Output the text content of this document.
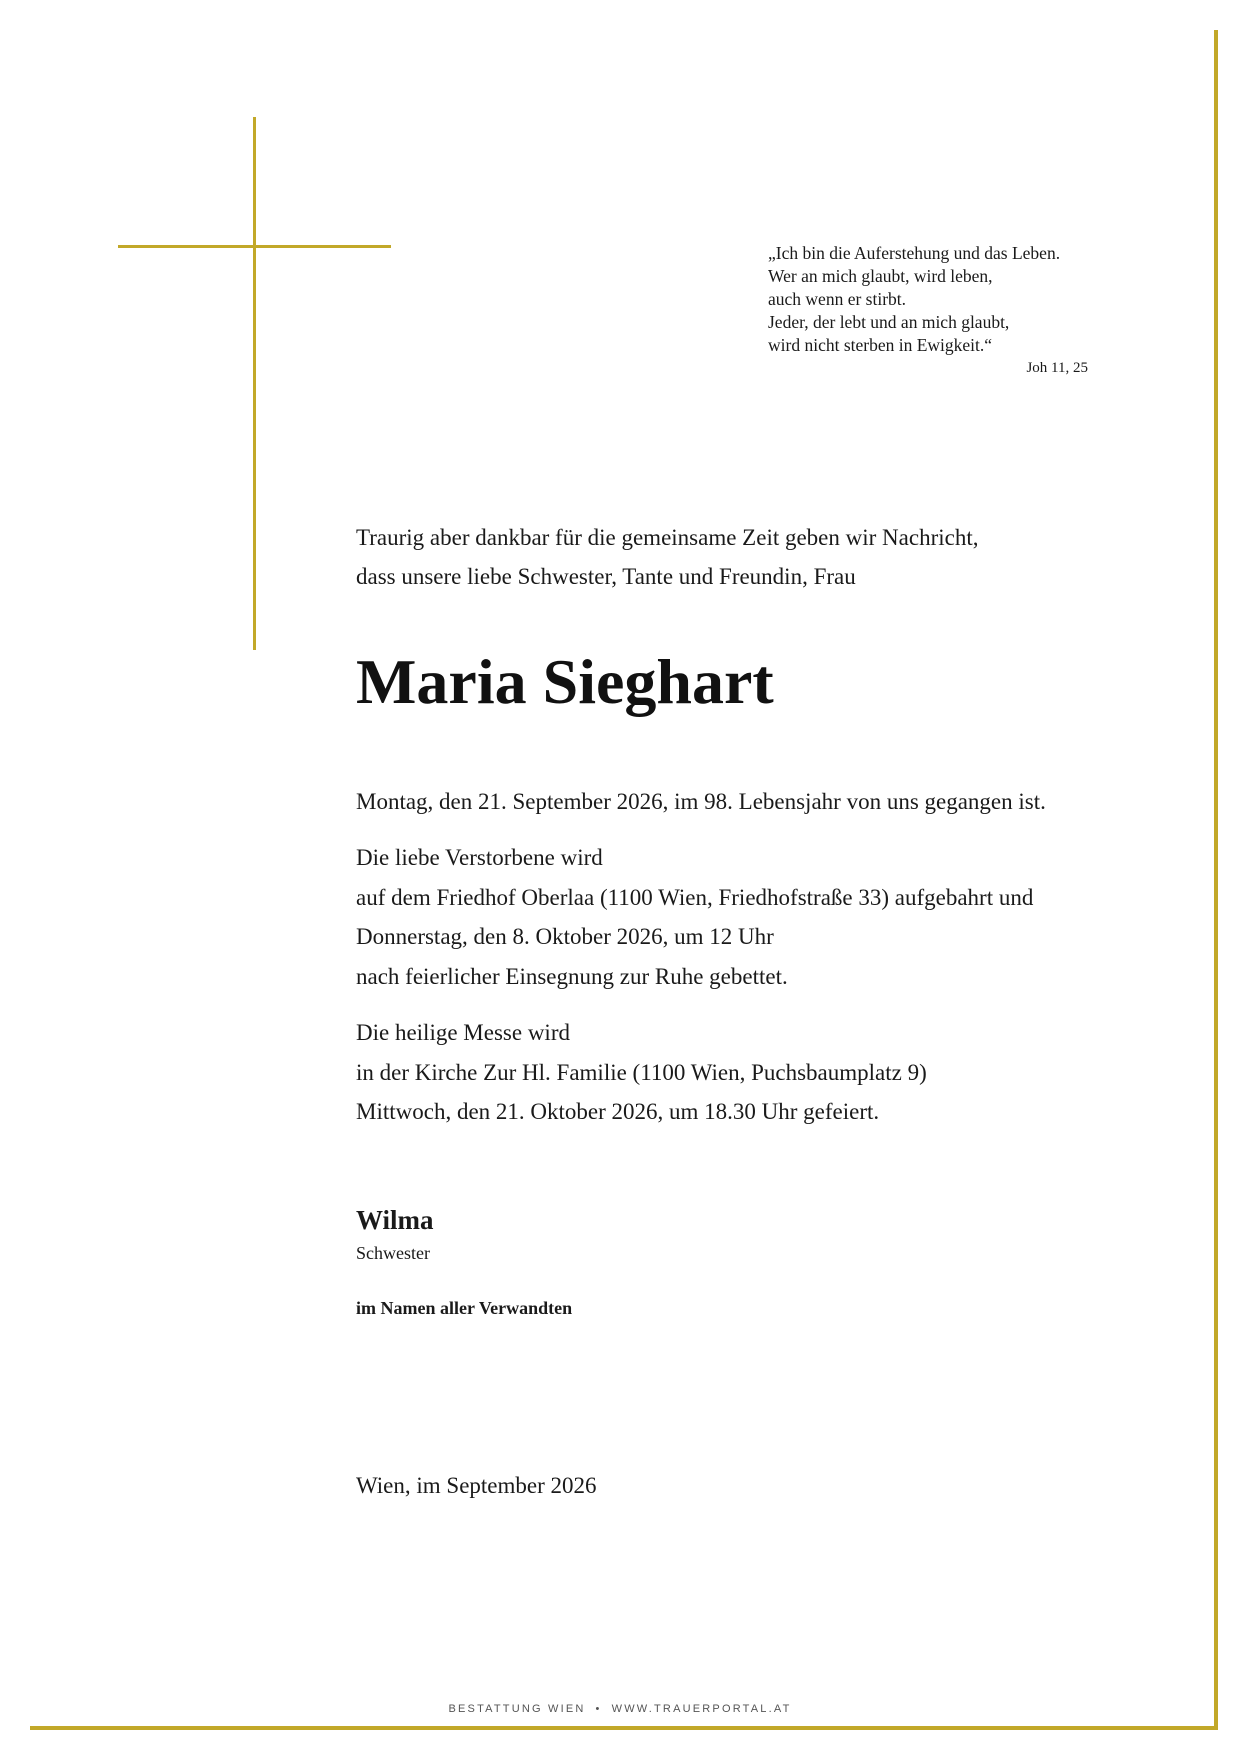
„Ich bin die Auferstehung und das Leben.
Wer an mich glaubt, wird leben,
auch wenn er stirbt.
Jeder, der lebt und an mich glaubt,
wird nicht sterben in Ewigkeit.“
Joh 11, 25
Traurig aber dankbar für die gemeinsame Zeit geben wir Nachricht,
dass unsere liebe Schwester, Tante und Freundin, Frau
Maria Sieghart
Montag, den 21. September 2026, im 98. Lebensjahr von uns gegangen ist.
Die liebe Verstorbene wird
auf dem Friedhof Oberlaa (1100 Wien, Friedhofstraße 33) aufgebahrt und
Donnerstag, den 8. Oktober 2026, um 12 Uhr
nach feierlicher Einsegnung zur Ruhe gebettet.
Die heilige Messe wird
in der Kirche Zur Hl. Familie (1100 Wien, Puchsbaumplatz 9)
Mittwoch, den 21. Oktober 2026, um 18.30 Uhr gefeiert.
Wilma
Schwester
im Namen aller Verwandten
Wien, im September 2026
BESTATTUNG WIEN • WWW.TRAUERPORTAL.AT
